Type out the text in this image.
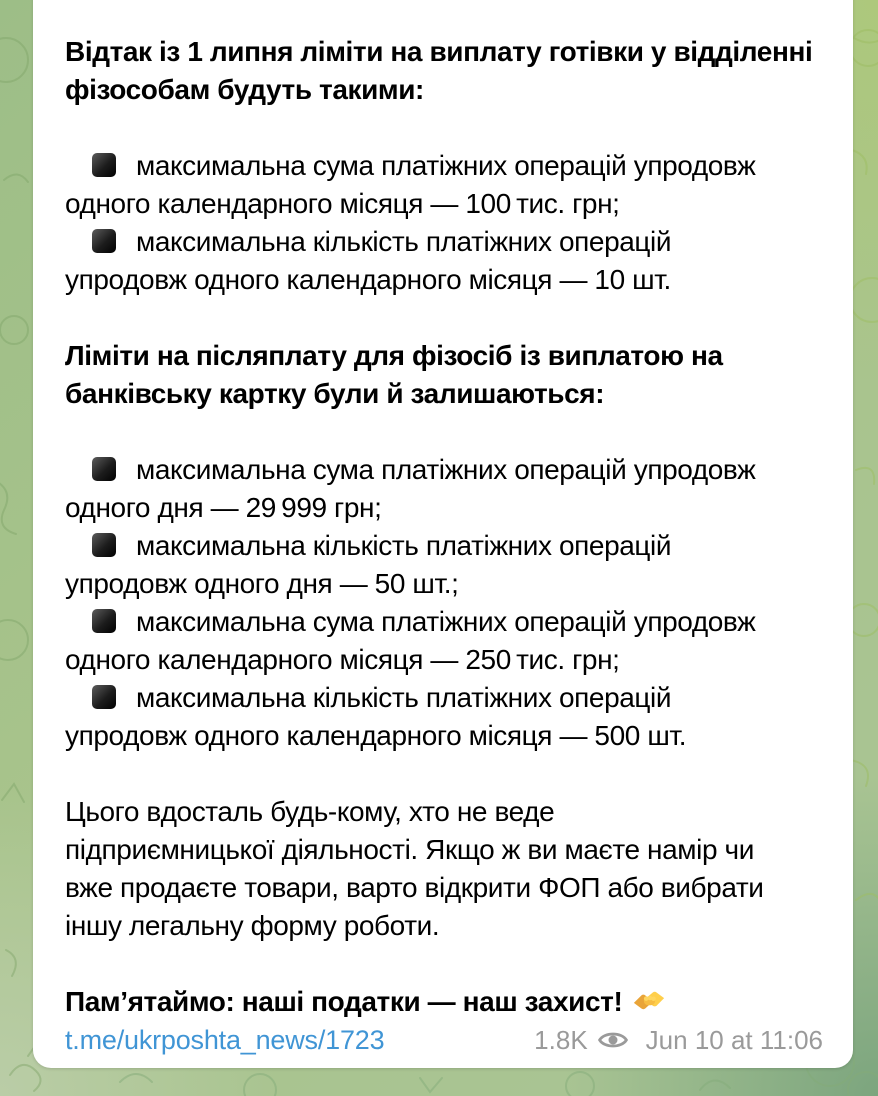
Відтак із 1 липня ліміти на виплату готівки у відділенні
фізособам будуть такими:
максимальна сума платіжних операцій упродовж
одного календарного місяця — 100 тис. грн;
максимальна кількість платіжних операцій
упродовж одного календарного місяця — 10 шт.
Ліміти на післяплату для фізосіб із виплатою на
банківську картку були й залишаються:
максимальна сума платіжних операцій упродовж
одного дня — 29 999 грн;
максимальна кількість платіжних операцій
упродовж одного дня — 50 шт.;
максимальна сума платіжних операцій упродовж
одного календарного місяця — 250 тис. грн;
максимальна кількість платіжних операцій
упродовж одного календарного місяця — 500 шт.
Цього вдосталь будь-кому, хто не веде
підприємницької діяльності. Якщо ж ви маєте намір чи
вже продаєте товари, варто відкрити ФОП або вибрати
іншу легальну форму роботи.
Пам’ятаймо: наші податки — наш захист!
t.me/ukrposhta_news/1723	1.8K Jun 10 at 11:06
